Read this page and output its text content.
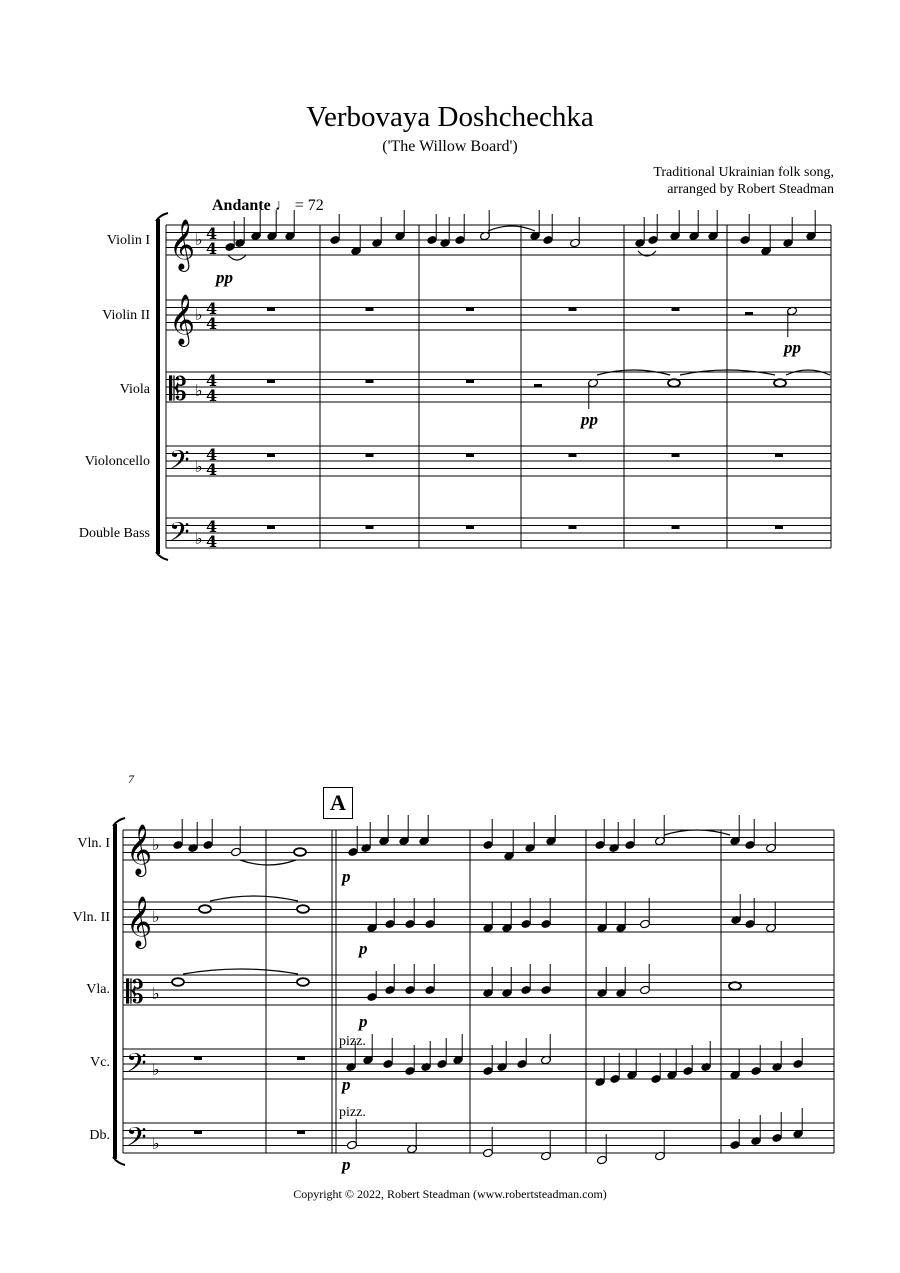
Verbovaya Doshchechka
('The Willow Board')
Traditional Ukrainian folk song,
arranged by Robert Steadman
Andante ♩ = 72
Violin I
Violin II
Viola
Violoncello
Double Bass
Vln. I
Vln. II
Vla.
Vc.
Db.
7
A
𝄞 ♭ 4
4
𝄞 ♭ 4
4
𝄡 ♭
4
4
𝄢 ♭
4
4
𝄢 ♭
4
4
𝄞 ♭
𝄞 ♭
𝄡 ♭
𝄢 ♭
𝄢 ♭
pp
pp
pp
p
p
p
p
p
pizz.
pizz.
Copyright © 2022, Robert Steadman (www.robertsteadman.com)
